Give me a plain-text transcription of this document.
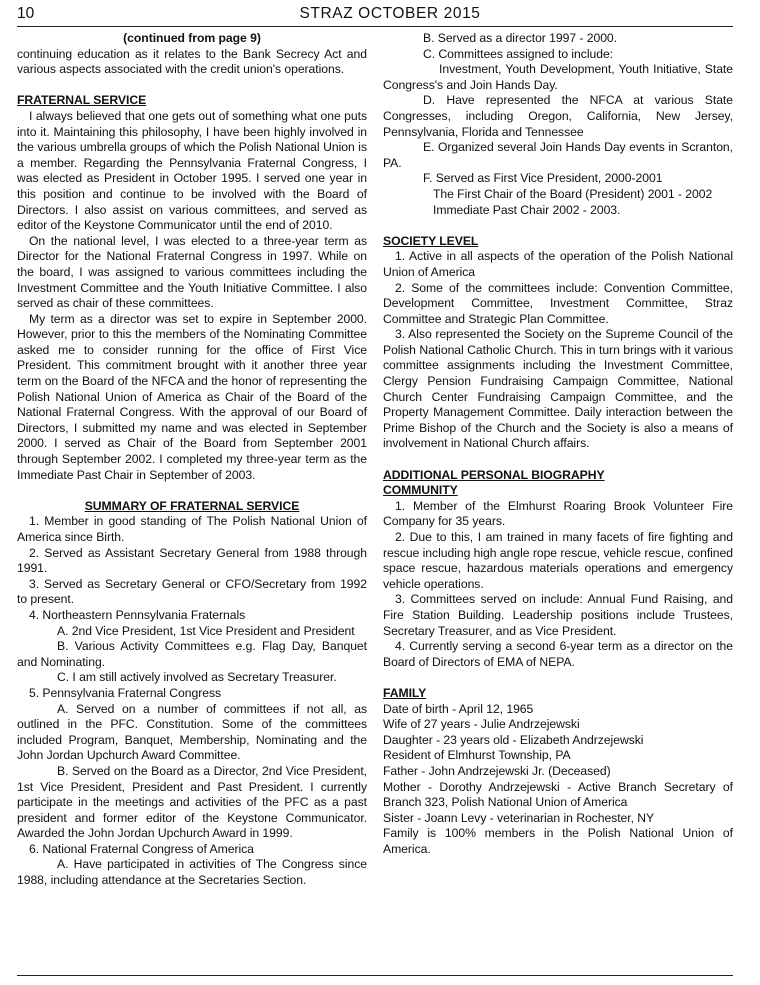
10	STRAZ OCTOBER 2015

(continued from page 9)

continuing education as it relates to the Bank Secrecy Act and various aspects associated with the credit union's operations.

FRATERNAL SERVICE

I always believed that one gets out of something what one puts into it. Maintaining this philosophy, I have been highly involved in the various umbrella groups of which the Polish National Union is a member. Regarding the Pennsylvania Fraternal Congress, I was elected as President in October 1995. I served one year in this position and continue to be involved with the Board of Directors. I also assist on various committees, and served as editor of the Keystone Communicator until the end of 2010.

On the national level, I was elected to a three-year term as Director for the National Fraternal Congress in 1997. While on the board, I was assigned to various committees including the Investment Committee and the Youth Initiative Committee. I also served as chair of these committees.

My term as a director was set to expire in September 2000. However, prior to this the members of the Nominating Committee asked me to consider running for the office of First Vice President. This commitment brought with it another three year term on the Board of the NFCA and the honor of representing the Polish National Union of America as Chair of the Board of the National Fraternal Congress. With the approval of our Board of Directors, I submitted my name and was elected in September 2000. I served as Chair of the Board from September 2001 through September 2002. I completed my three-year term as the Immediate Past Chair in September of 2003.

SUMMARY OF FRATERNAL SERVICE

1. Member in good standing of The Polish National Union of America since Birth.

2. Served as Assistant Secretary General from 1988 through 1991.

3. Served as Secretary General or CFO/Secretary from 1992 to present.

4. Northeastern Pennsylvania Fraternals

A. 2nd Vice President, 1st Vice President and President

B. Various Activity Committees e.g. Flag Day, Banquet and Nominating.

C. I am still actively involved as Secretary Treasurer.

5. Pennsylvania Fraternal Congress

A. Served on a number of committees if not all, as outlined in the PFC. Constitution. Some of the committees included Program, Banquet, Membership, Nominating and the John Jordan Upchurch Award Committee.

B. Served on the Board as a Director, 2nd Vice President, 1st Vice President, President and Past President. I currently participate in the meetings and activities of the PFC as a past president and former editor of the Keystone Communicator. Awarded the John Jordan Upchurch Award in 1999.

6. National Fraternal Congress of America

A. Have participated in activities of The Congress since 1988, including attendance at the Secretaries Section.

B. Served as a director 1997 - 2000.

C. Committees assigned to include:

Investment, Youth Development, Youth Initiative, State Congress's and Join Hands Day.

D. Have represented the NFCA at various State Congresses, including Oregon, California, New Jersey, Pennsylvania, Florida and Tennessee

E. Organized several Join Hands Day events in Scranton, PA.

F. Served as First Vice President, 2000-2001

The First Chair of the Board (President) 2001 - 2002

Immediate Past Chair 2002 - 2003.

SOCIETY LEVEL

1. Active in all aspects of the operation of the Polish National Union of America

2. Some of the committees include: Convention Committee, Development Committee, Investment Committee, Straz Committee and Strategic Plan Committee.

3. Also represented the Society on the Supreme Council of the Polish National Catholic Church. This in turn brings with it various committee assignments including the Investment Committee, Clergy Pension Fundraising Campaign Committee, National Church Center Fundraising Campaign Committee, and the Property Management Committee. Daily interaction between the Prime Bishop of the Church and the Society is also a means of involvement in National Church affairs.

ADDITIONAL PERSONAL BIOGRAPHY
COMMUNITY

1. Member of the Elmhurst Roaring Brook Volunteer Fire Company for 35 years.

2. Due to this, I am trained in many facets of fire fighting and rescue including high angle rope rescue, vehicle rescue, confined space rescue, hazardous materials operations and emergency vehicle operations.

3. Committees served on include: Annual Fund Raising, and Fire Station Building. Leadership positions include Trustees, Secretary Treasurer, and as Vice President.

4. Currently serving a second 6-year term as a director on the Board of Directors of EMA of NEPA.

FAMILY

Date of birth - April 12, 1965

Wife of 27 years - Julie Andrzejewski

Daughter - 23 years old - Elizabeth Andrzejewski

Resident of Elmhurst Township, PA

Father - John Andrzejewski Jr. (Deceased)

Mother - Dorothy Andrzejewski - Active Branch Secretary of Branch 323, Polish National Union of America

Sister - Joann Levy - veterinarian in Rochester, NY

Family is 100% members in the Polish National Union of America.
